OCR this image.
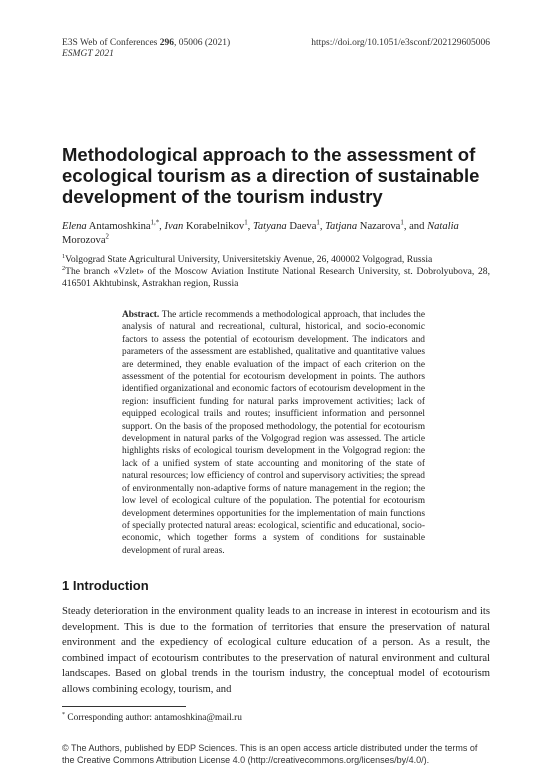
E3S Web of Conferences 296, 05006 (2021)	https://doi.org/10.1051/e3sconf/202129605006
ESMGT 2021
Methodological approach to the assessment of ecological tourism as a direction of sustainable development of the tourism industry
Elena Antamoshkina$^{1,*}$, Ivan Korabelnikov$^1$, Tatyana Daeva$^1$, Tatjana Nazarova$^1$, and Natalia Morozova$^2$

$^1$Volgograd State Agricultural University, Universitetskiy Avenue, 26, 400002 Volgograd, Russia

$^2$The branch «Vzlet» of the Moscow Aviation Institute National Research University, st. Dobrolyubova, 28, 416501 Akhtubinsk, Astrakhan region, Russia

Abstract. The article recommends a methodological approach, that includes the analysis of natural and recreational, cultural, historical, and socio-economic factors to assess the potential of ecotourism development. The indicators and parameters of the assessment are established, qualitative and quantitative values are determined, they enable evaluation of the impact of each criterion on the assessment of the potential for ecotourism development in points. The authors identified organizational and economic factors of ecotourism development in the region: insufficient funding for natural parks improvement activities; lack of equipped ecological trails and routes; insufficient information and personnel support. On the basis of the proposed methodology, the potential for ecotourism development in natural parks of the Volgograd region was assessed. The article highlights risks of ecological tourism development in the Volgograd region: the lack of a unified system of state accounting and monitoring of the state of natural resources; low efficiency of control and supervisory activities; the spread of environmentally non-adaptive forms of nature management in the region; the low level of ecological culture of the population. The potential for ecotourism development determines opportunities for the implementation of main functions of specially protected natural areas: ecological, scientific and educational, socio-economic, which together forms a system of conditions for sustainable development of rural areas.
1 Introduction
Steady deterioration in the environment quality leads to an increase in interest in ecotourism and its development. This is due to the formation of territories that ensure the preservation of natural environment and the expediency of ecological culture education of a person. As a result, the combined impact of ecotourism contributes to the preservation of natural environment and cultural landscapes. Based on global trends in the tourism industry, the conceptual model of ecotourism allows combining ecology, tourism, and
* Corresponding author: antamoshkina@mail.ru
© The Authors, published by EDP Sciences. This is an open access article distributed under the terms of the Creative Commons Attribution License 4.0 (http://creativecommons.org/licenses/by/4.0/).
